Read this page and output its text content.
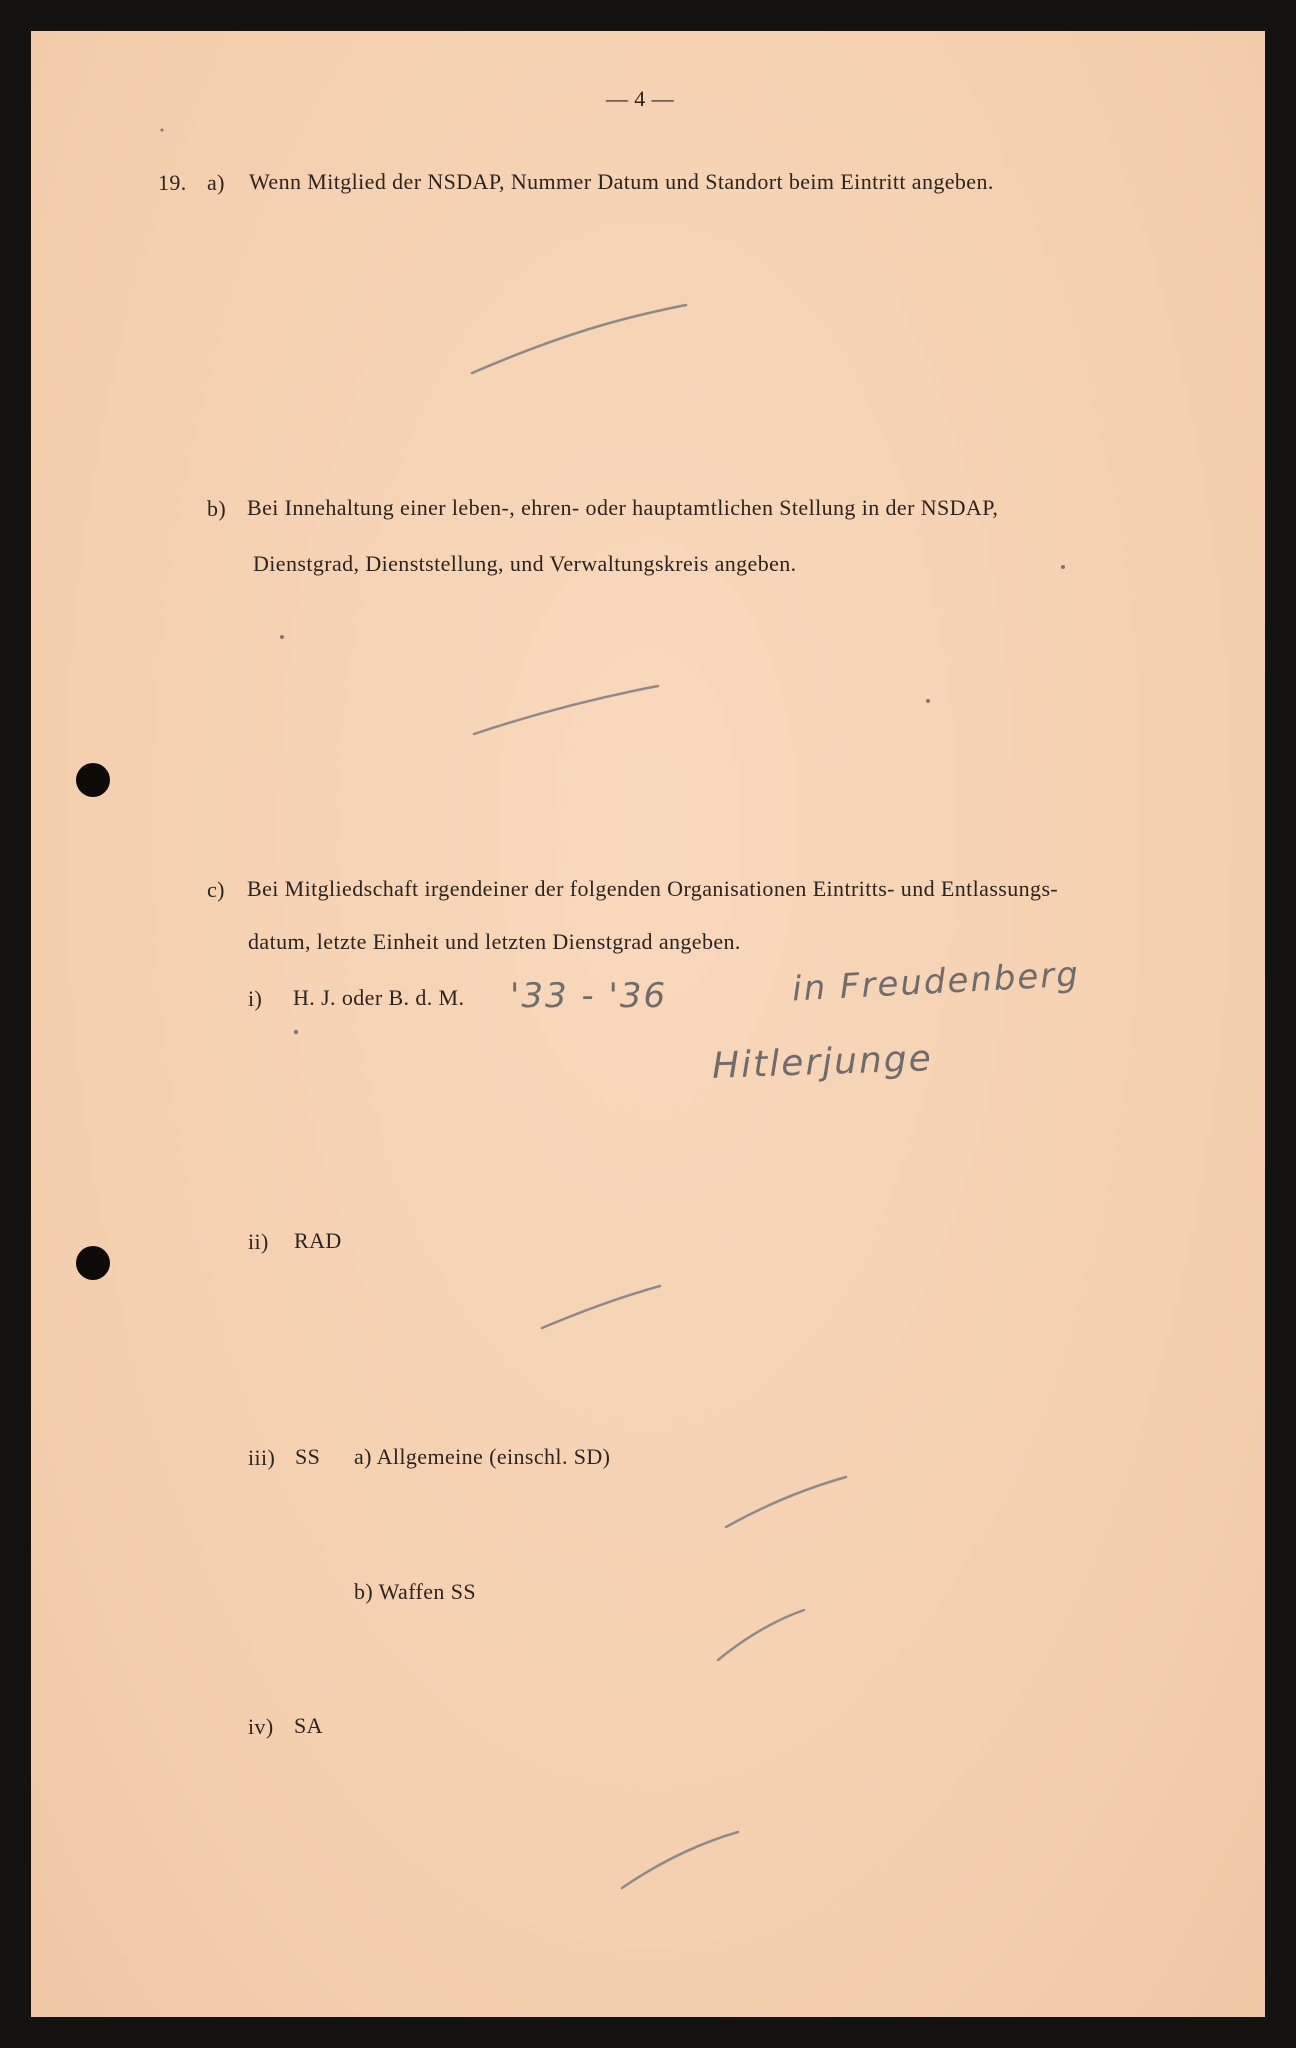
— 4 —
19. a) Wenn Mitglied der NSDAP, Nummer Datum und Standort beim Eintritt angeben.
b) Bei Innehaltung einer leben-, ehren- oder hauptamtlichen Stellung in der NSDAP,
Dienstgrad, Dienststellung, und Verwaltungskreis angeben.
c) Bei Mitgliedschaft irgendeiner der folgenden Organisationen Eintritts- und Entlassungs-
datum, letzte Einheit und letzten Dienstgrad angeben.
i) H. J. oder B. d. M. '33 - '36	in Freudenberg
Hitlerjunge
ii) RAD
iii) SS a) Allgemeine (einschl. SD)
b) Waffen SS
iv) SA
